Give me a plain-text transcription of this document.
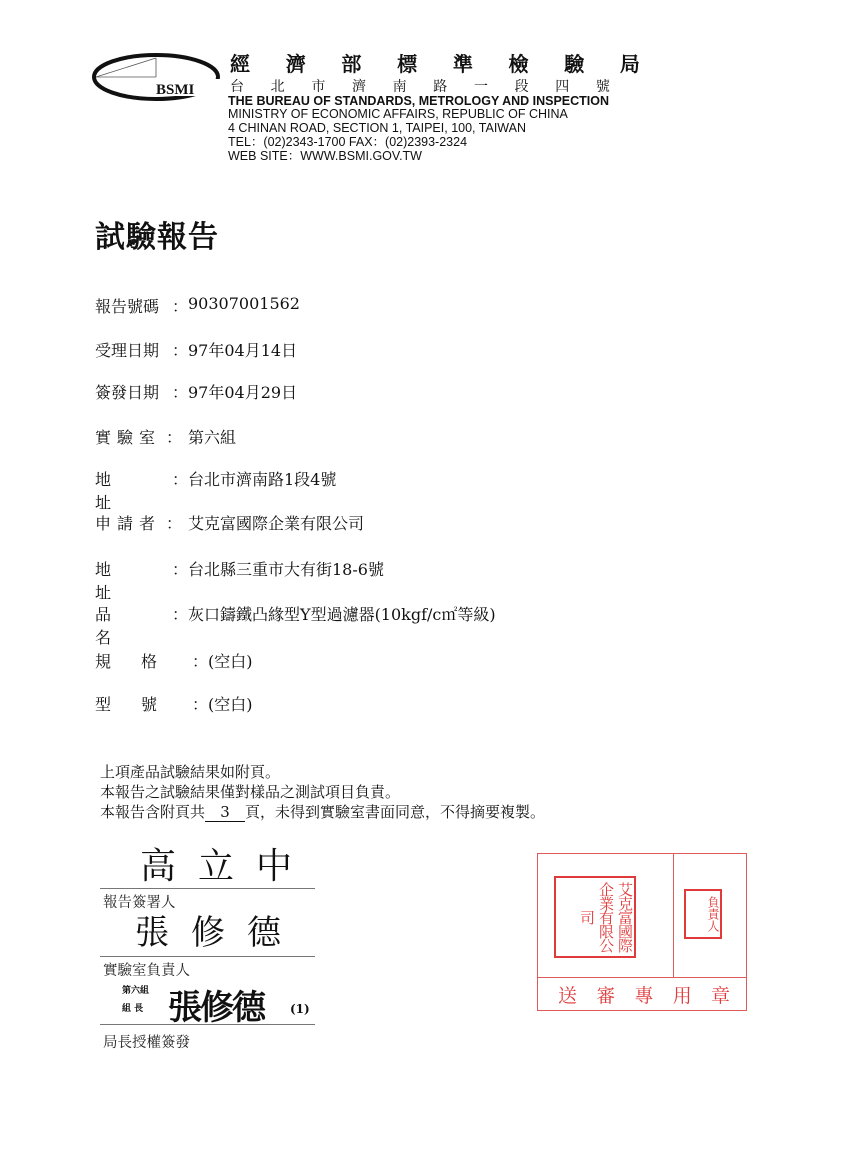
BSMI
經 濟 部 標 準 檢 驗 局
台 北 市 濟 南 路 一 段 四 號
THE BUREAU OF STANDARDS, METROLOGY AND INSPECTION
MINISTRY OF ECONOMIC AFFAIRS, REPUBLIC OF CHINA
4 CHINAN ROAD, SECTION 1, TAIPEI, 100, TAIWAN
TEL：(02)2343-1700 FAX：(02)2393-2324
WEB SITE：WWW.BSMI.GOV.TW
試驗報告
報告號碼 ： 90307001562
受理日期 ： 97年04月14日
簽發日期 ： 97年04月29日
實驗室 ： 第六組
地址
： 台北市濟南路1段4號
申請者 ： 艾克富國際企業有限公司
地址
： 台北縣三重市大有街18-6號
品名
： 灰口鑄鐵凸緣型Y型過濾器(10kgf/c㎡等級)
規格 ： (空白)
型號 ： (空白)
上項產品試驗結果如附頁。
本報告之試驗結果僅對樣品之測試項目負責。
本報告含附頁共 3 頁，未得到實驗室書面同意，不得摘要複製。
高立中
報告簽署人
張修德
實驗室負責人
第六組
組 長 張修德 (1)
局長授權簽發
艾克富國際企業有限公司	負責人
送 審 專 用 章
